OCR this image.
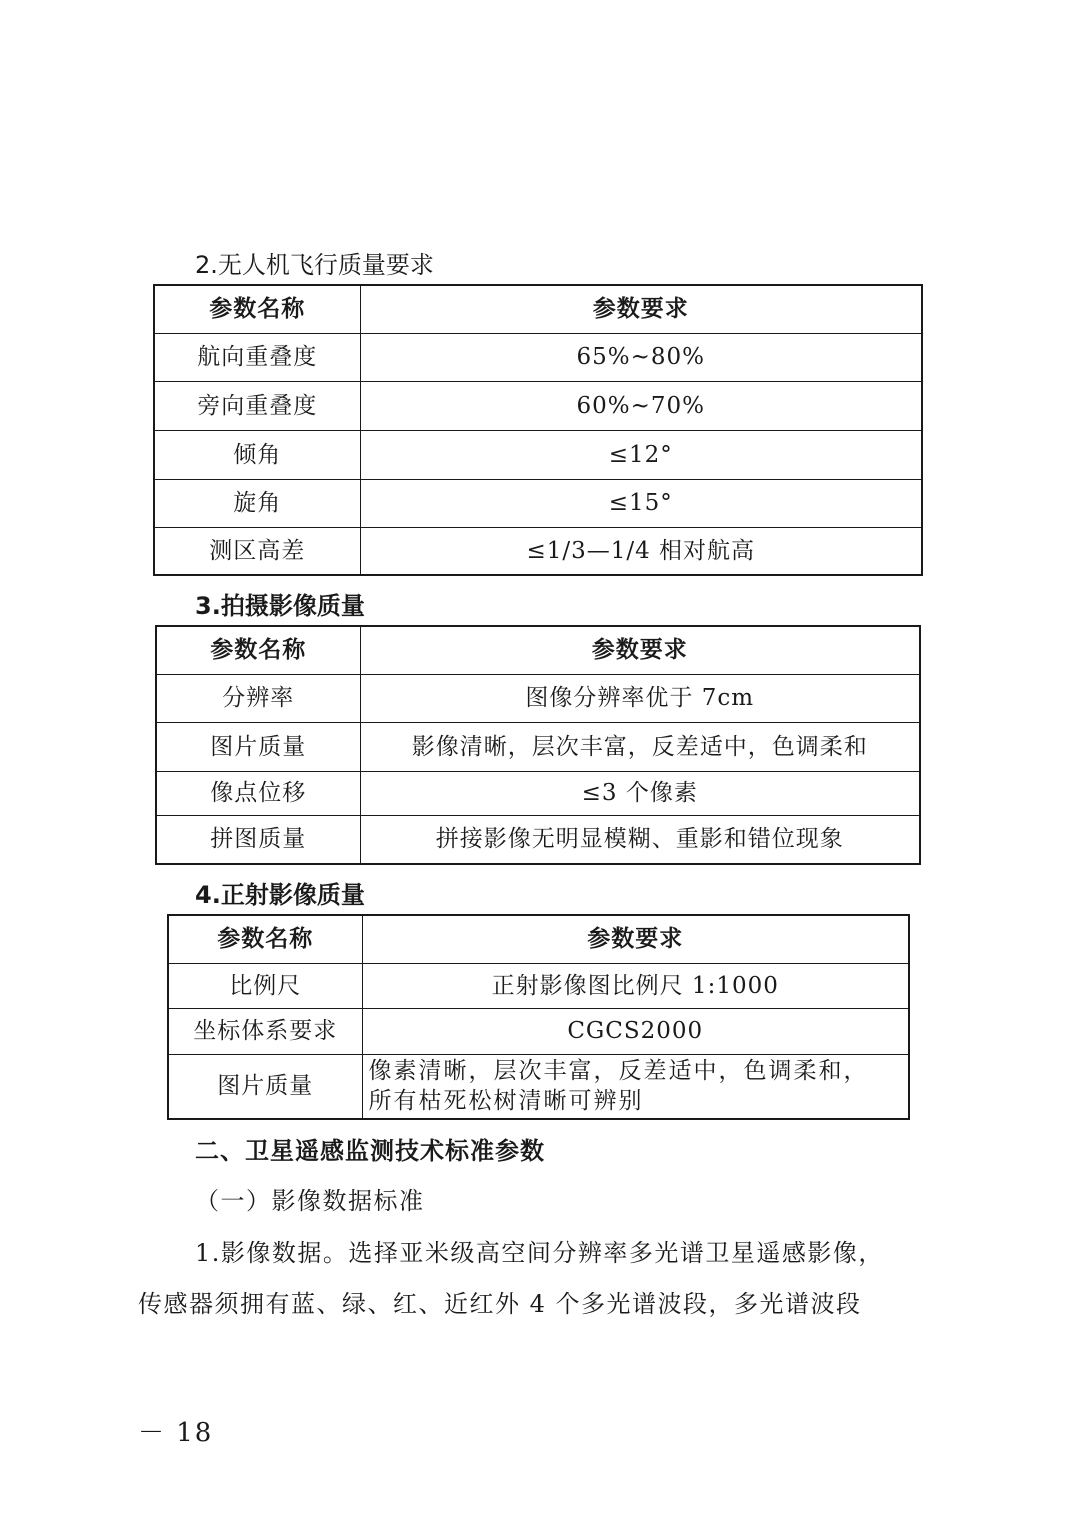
2.无人机飞行质量要求
参数名称	参数要求
航向重叠度	65%~80%
旁向重叠度	60%~70%
倾角	≤12°
旋角	≤15°
测区高差	≤1/3—1/4 相对航高
3.拍摄影像质量
参数名称	参数要求
分辨率	图像分辨率优于 7cm
图片质量	影像清晰，层次丰富，反差适中，色调柔和
像点位移	≤3 个像素
拼图质量	拼接影像无明显模糊、重影和错位现象
4.正射影像质量
参数名称	参数要求
比例尺	正射影像图比例尺 1:1000
坐标体系要求	CGCS2000
图片质量	像素清晰，层次丰富，反差适中，色调柔和，
所有枯死松树清晰可辨别
二、卫星遥感监测技术标准参数
（一）影像数据标准
1.影像数据。选择亚米级高空间分辨率多光谱卫星遥感影像，
传感器须拥有蓝、绿、红、近红外 4 个多光谱波段，多光谱波段
－ 18
